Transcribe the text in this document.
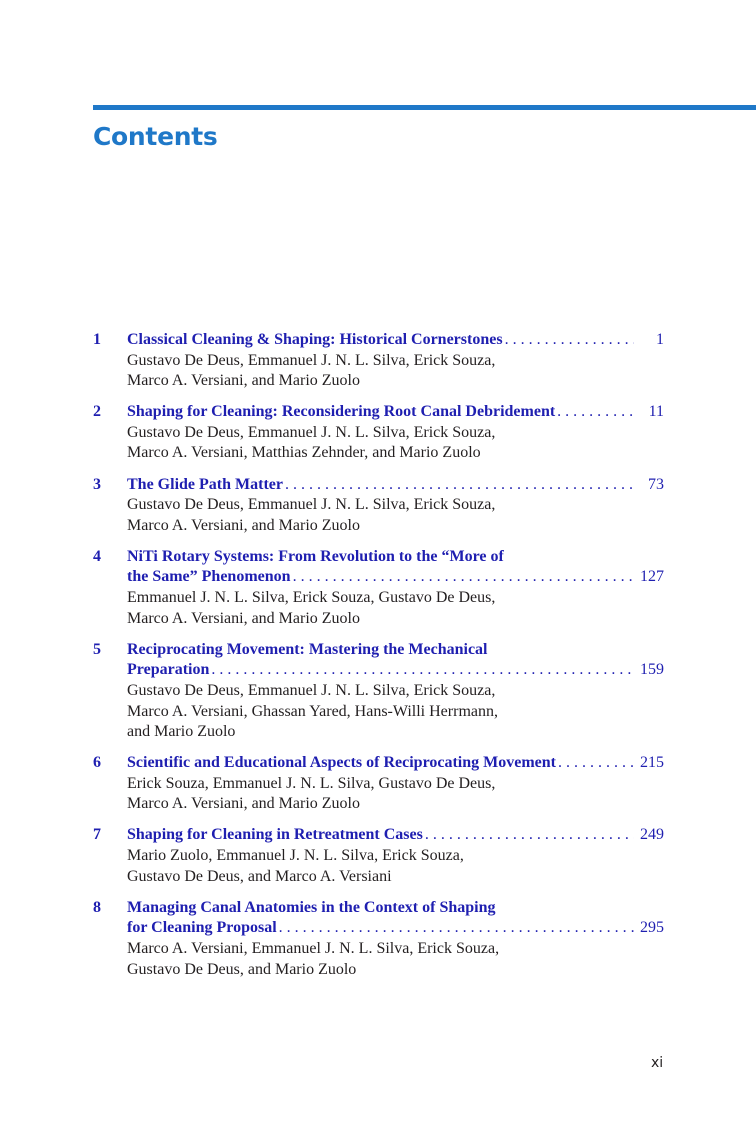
Contents
1	Classical Cleaning & Shaping: Historical Cornerstones . . .	1
Gustavo De Deus, Emmanuel J. N. L. Silva, Erick Souza,
Marco A. Versiani, and Mario Zuolo
2	Shaping for Cleaning: Reconsidering Root Canal Debridement . . .	11
Gustavo De Deus, Emmanuel J. N. L. Silva, Erick Souza,
Marco A. Versiani, Matthias Zehnder, and Mario Zuolo
3	The Glide Path Matter . . .	73
Gustavo De Deus, Emmanuel J. N. L. Silva, Erick Souza,
Marco A. Versiani, and Mario Zuolo
4	NiTi Rotary Systems: From Revolution to the “More of
the Same” Phenomenon . . .	127
Emmanuel J. N. L. Silva, Erick Souza, Gustavo De Deus,
Marco A. Versiani, and Mario Zuolo
5	Reciprocating Movement: Mastering the Mechanical
Preparation . . .	159
Gustavo De Deus, Emmanuel J. N. L. Silva, Erick Souza,
Marco A. Versiani, Ghassan Yared, Hans-Willi Herrmann,
and Mario Zuolo
6	Scientific and Educational Aspects of Reciprocating Movement . . .	215
Erick Souza, Emmanuel J. N. L. Silva, Gustavo De Deus,
Marco A. Versiani, and Mario Zuolo
7	Shaping for Cleaning in Retreatment Cases . . .	249
Mario Zuolo, Emmanuel J. N. L. Silva, Erick Souza,
Gustavo De Deus, and Marco A. Versiani
8	Managing Canal Anatomies in the Context of Shaping
for Cleaning Proposal . . .	295
Marco A. Versiani, Emmanuel J. N. L. Silva, Erick Souza,
Gustavo De Deus, and Mario Zuolo
xi
